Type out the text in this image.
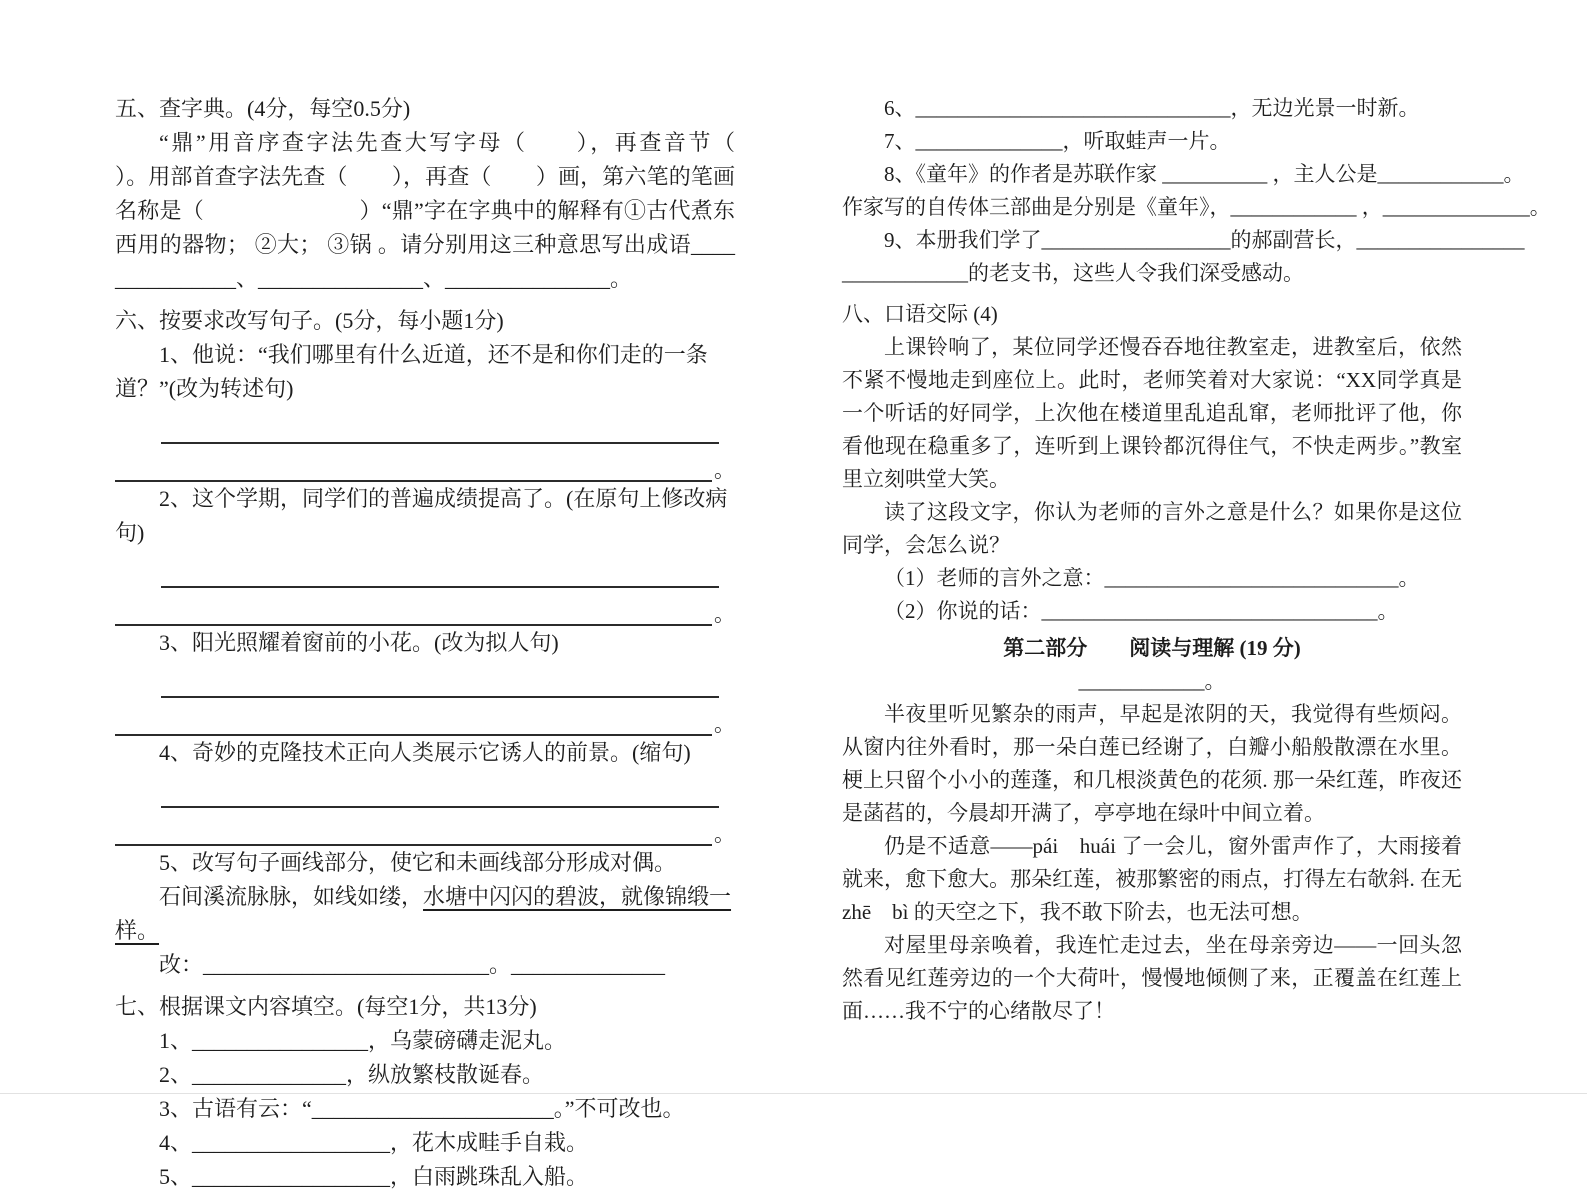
五、查字典。(4分，每空0.5分)

“鼎”用音序查字法先查大写字母（　　），再查音节（　　）。用部首查字法先查（　　），再查（　　）画，第六笔的笔画名称是（　　　　　　　）“鼎”字在字典中的解释有①古代煮东西用的器物； ②大； ③锅 。请分别用这三种意思写出成语_______________、_______________、_______________。

六、按要求改写句子。(5分，每小题1分)

1、他说：“我们哪里有什么近道，还不是和你们走的一条道？”(改为转述句)

。

2、这个学期，同学们的普遍成绩提高了。(在原句上修改病句)

。

3、阳光照耀着窗前的小花。(改为拟人句)

。

4、奇妙的克隆技术正向人类展示它诱人的前景。(缩句)

。

5、改写句子画线部分，使它和未画线部分形成对偶。

石间溪流脉脉，如线如缕，水塘中闪闪的碧波，就像锦缎一样。

改：__________________________。______________

七、根据课文内容填空。(每空1分，共13分)

1、________________，乌蒙磅礴走泥丸。

2、______________，纵放繁枝散诞春。

3、古语有云：“______________________。”不可改也。

4、__________________，花木成畦手自栽。

5、__________________，白雨跳珠乱入船。

6、______________________________，无边光景一时新。

7、______________，听取蛙声一片。

8、《童年》的作者是苏联作家 __________ ，主人公是____________。

作家写的自传体三部曲是分别是《童年》，____________ ，______________。

9、本册我们学了__________________的郝副营长，________________

____________的老支书，这些人令我们深受感动。

八、口语交际 (4)

上课铃响了，某位同学还慢吞吞地往教室走，进教室后，依然不紧不慢地走到座位上。此时，老师笑着对大家说：“XX同学真是一个听话的好同学，上次他在楼道里乱追乱窜，老师批评了他，你看他现在稳重多了，连听到上课铃都沉得住气，不快走两步。”教室里立刻哄堂大笑。

读了这段文字，你认为老师的言外之意是什么？如果你是这位同学，会怎么说？

（1）老师的言外之意：____________________________。

（2）你说的话：________________________________。

第二部分　　阅读与理解 (19 分)

____________。

半夜里听见繁杂的雨声，早起是浓阴的天，我觉得有些烦闷。从窗内往外看时，那一朵白莲已经谢了，白瓣小船般散漂在水里。梗上只留个小小的莲蓬，和几根淡黄色的花须. 那一朵红莲，昨夜还是菡萏的，今晨却开满了，亭亭地在绿叶中间立着。

仍是不适意——pái　huái 了一会儿，窗外雷声作了，大雨接着就来，愈下愈大。那朵红莲，被那繁密的雨点，打得左右欹斜. 在无 zhē　bì 的天空之下，我不敢下阶去，也无法可想。

对屋里母亲唤着，我连忙走过去，坐在母亲旁边——一回头忽然看见红莲旁边的一个大荷叶，慢慢地倾侧了来，正覆盖在红莲上面……我不宁的心绪散尽了！
